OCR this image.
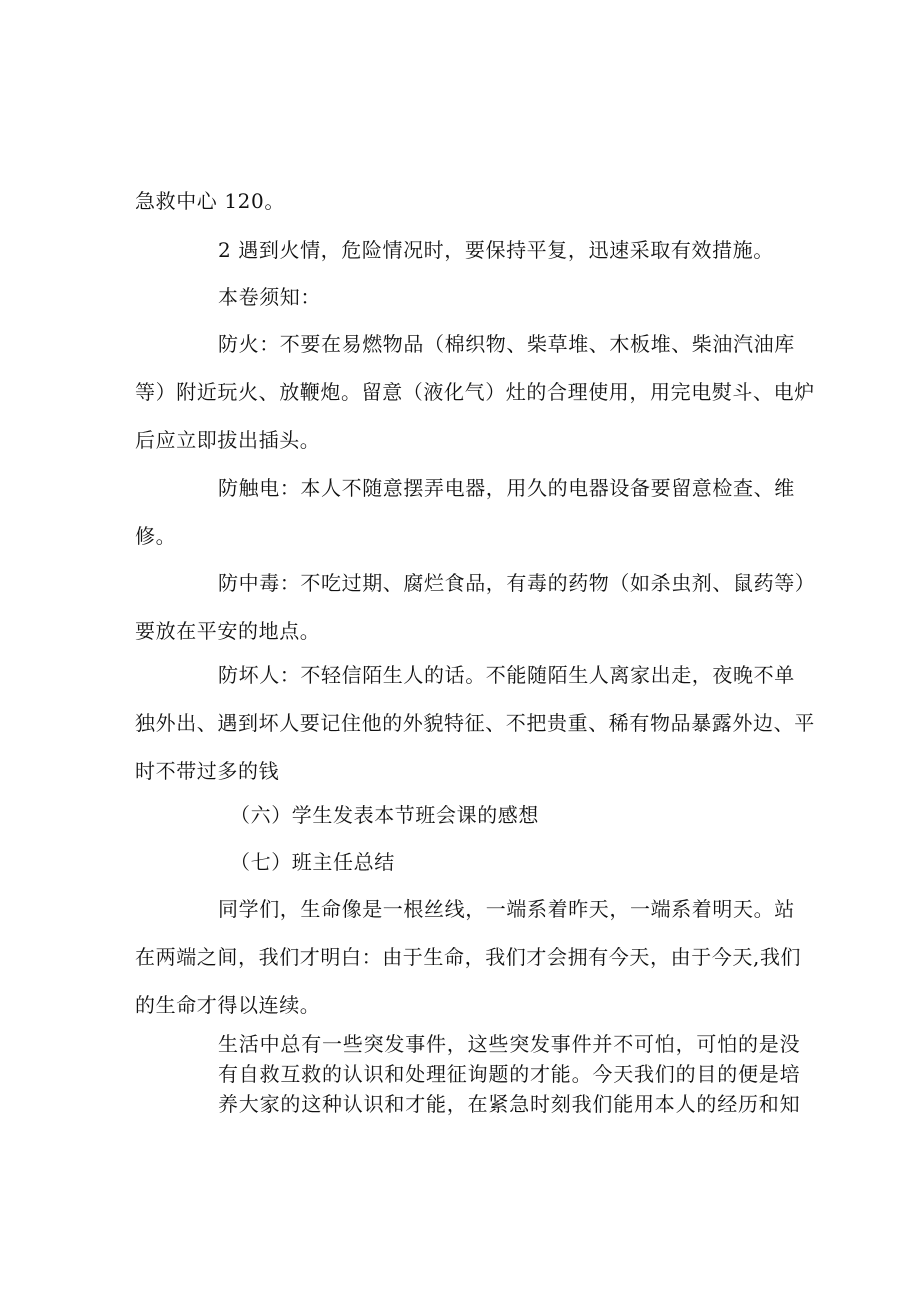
急救中心 120。

2 遇到火情，危险情况时，要保持平复，迅速采取有效措施。

本卷须知：

防火：不要在易燃物品（棉织物、柴草堆、木板堆、柴油汽油库
等）附近玩火、放鞭炮。留意（液化气）灶的合理使用，用完电熨斗、电炉
后应立即拔出插头。

防触电：本人不随意摆弄电器，用久的电器设备要留意检查、维
修。

防中毒：不吃过期、腐烂食品，有毒的药物（如杀虫剂、鼠药等）
要放在平安的地点。

防坏人：不轻信陌生人的话。不能随陌生人离家出走，夜晚不单
独外出、遇到坏人要记住他的外貌特征、不把贵重、稀有物品暴露外边、平
时不带过多的钱

（六）学生发表本节班会课的感想

（七）班主任总结

同学们，生命像是一根丝线，一端系着昨天，一端系着明天。站
在两端之间，我们才明白：由于生命，我们才会拥有今天，由于今天,我们
的生命才得以连续。

生活中总有一些突发事件，这些突发事件并不可怕，可怕的是没
有自救互救的认识和处理征询题的才能。今天我们的目的便是培
养大家的这种认识和才能，在紧急时刻我们能用本人的经历和知
